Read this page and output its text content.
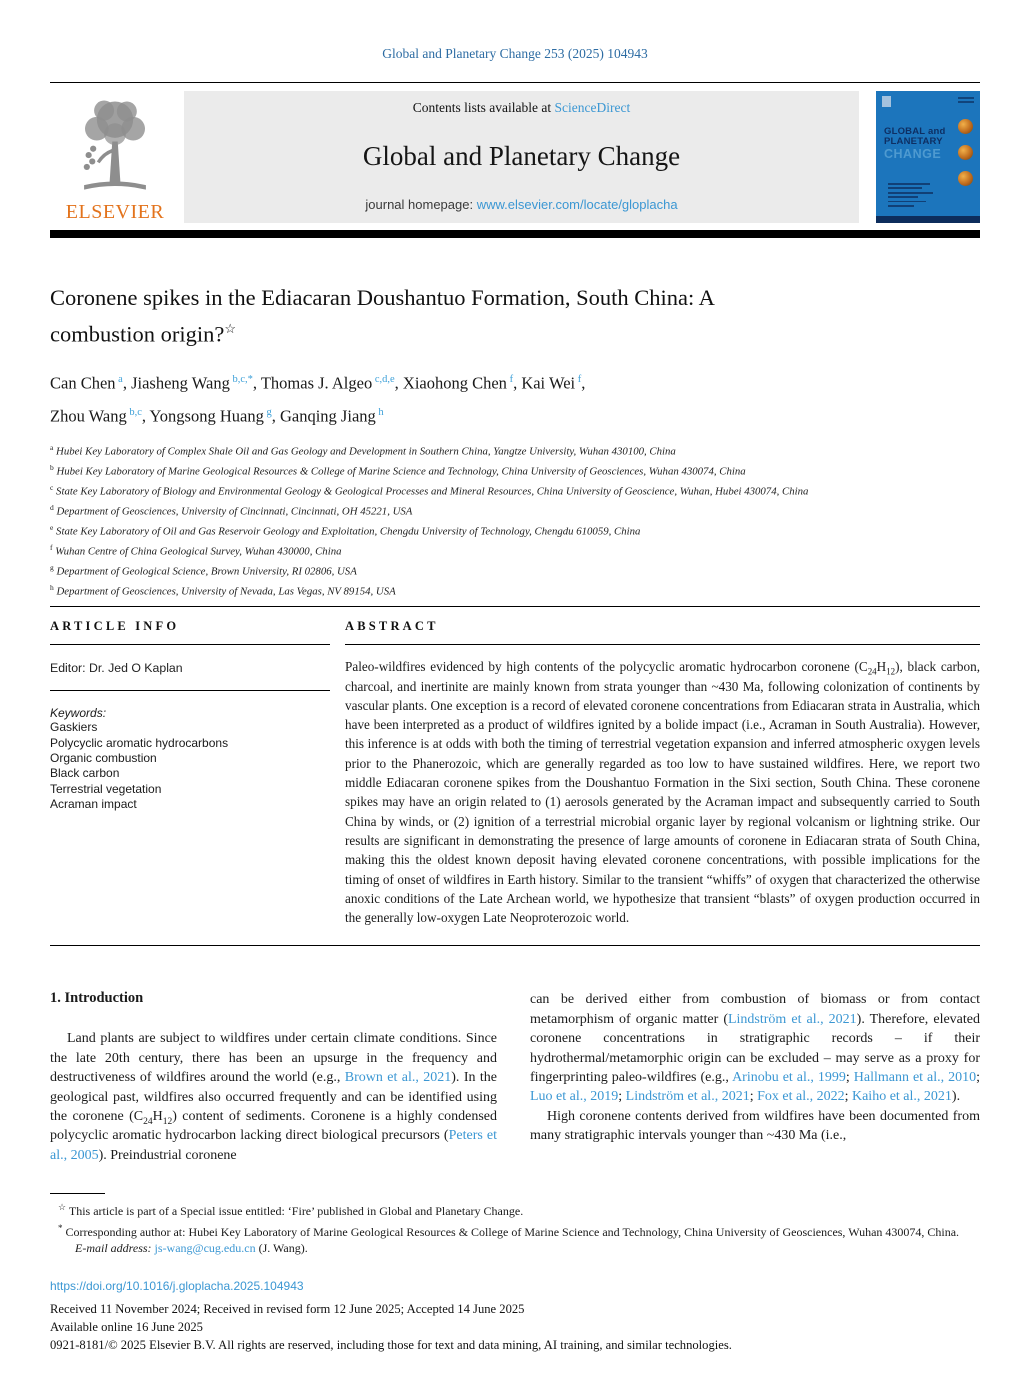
Global and Planetary Change 253 (2025) 104943
ELSEVIER
Contents lists available at ScienceDirect
Global and Planetary Change
journal homepage: www.elsevier.com/locate/gloplacha
GLOBAL and
PLANETARY
CHANGE
Coronene spikes in the Ediacaran Doushantuo Formation, South China: A
combustion origin?☆
Can Chen $^a$, Jiasheng Wang $^{b,c,*}$, Thomas J. Algeo $^{c,d,e}$, Xiaohong Chen $^f$, Kai Wei $^f$,
Zhou Wang $^{b,c}$, Yongsong Huang $^g$, Ganqing Jiang $^h$
$^a$ Hubei Key Laboratory of Complex Shale Oil and Gas Geology and Development in Southern China, Yangtze University, Wuhan 430100, China
$^b$ Hubei Key Laboratory of Marine Geological Resources & College of Marine Science and Technology, China University of Geosciences, Wuhan 430074, China
$^c$ State Key Laboratory of Biology and Environmental Geology & Geological Processes and Mineral Resources, China University of Geoscience, Wuhan, Hubei 430074, China
$^d$ Department of Geosciences, University of Cincinnati, Cincinnati, OH 45221, USA
$^e$ State Key Laboratory of Oil and Gas Reservoir Geology and Exploitation, Chengdu University of Technology, Chengdu 610059, China
$^f$ Wuhan Centre of China Geological Survey, Wuhan 430000, China
$^g$ Department of Geological Science, Brown University, RI 02806, USA
$^h$ Department of Geosciences, University of Nevada, Las Vegas, NV 89154, USA
ARTICLE INFO
Editor: Dr. Jed O Kaplan
Keywords:
Gaskiers
Polycyclic aromatic hydrocarbons
Organic combustion
Black carbon
Terrestrial vegetation
Acraman impact
ABSTRACT
Paleo-wildfires evidenced by high contents of the polycyclic aromatic hydrocarbon coronene $(C_{24}H_{12})$, black carbon, charcoal, and inertinite are mainly known from strata younger than ~430 Ma, following colonization of continents by vascular plants. One exception is a record of elevated coronene concentrations from Ediacaran strata in Australia, which have been interpreted as a product of wildfires ignited by a bolide impact (i.e., Acraman in South Australia). However, this inference is at odds with both the timing of terrestrial vegetation expansion and inferred atmospheric oxygen levels prior to the Phanerozoic, which are generally regarded as too low to have sustained wildfires. Here, we report two middle Ediacaran coronene spikes from the Doushantuo Formation in the Sixi section, South China. These coronene spikes may have an origin related to (1) aerosols generated by the Acraman impact and subsequently carried to South China by winds, or (2) ignition of a terrestrial microbial organic layer by regional volcanism or lightning strike. Our results are significant in demonstrating the presence of large amounts of coronene in Ediacaran strata of South China, making this the oldest known deposit having elevated coronene concentrations, with possible implications for the timing of onset of wildfires in Earth history. Similar to the transient “whiffs” of oxygen that characterized the otherwise anoxic conditions of the Late Archean world, we hypothesize that transient “blasts” of oxygen production occurred in the generally low-oxygen Late Neoproterozoic world.
1. Introduction

Land plants are subject to wildfires under certain climate conditions. Since the late 20th century, there has been an upsurge in the frequency and destructiveness of wildfires around the world (e.g., Brown et al., 2021). In the geological past, wildfires also occurred frequently and can be identified using the coronene $(C_{24}H_{12})$ content of sediments. Coronene is a highly condensed polycyclic aromatic hydrocarbon lacking direct biological precursors (Peters et al., 2005). Preindustrial coronene

can be derived either from combustion of biomass or from contact metamorphism of organic matter (Lindström et al., 2021). Therefore, elevated coronene concentrations in stratigraphic records – if their hydrothermal/metamorphic origin can be excluded – may serve as a proxy for fingerprinting paleo-wildfires (e.g., Arinobu et al., 1999; Hallmann et al., 2010; Luo et al., 2019; Lindström et al., 2021; Fox et al., 2022; Kaiho et al., 2021).

High coronene contents derived from wildfires have been documented from many stratigraphic intervals younger than ~430 Ma (i.e.,

☆ This article is part of a Special issue entitled: ‘Fire’ published in Global and Planetary Change.
* Corresponding author at: Hubei Key Laboratory of Marine Geological Resources & College of Marine Science and Technology, China University of Geosciences, Wuhan 430074, China.
E-mail address: js-wang@cug.edu.cn (J. Wang).
https://doi.org/10.1016/j.gloplacha.2025.104943
Received 11 November 2024; Received in revised form 12 June 2025; Accepted 14 June 2025
Available online 16 June 2025
0921-8181/© 2025 Elsevier B.V. All rights are reserved, including those for text and data mining, AI training, and similar technologies.
